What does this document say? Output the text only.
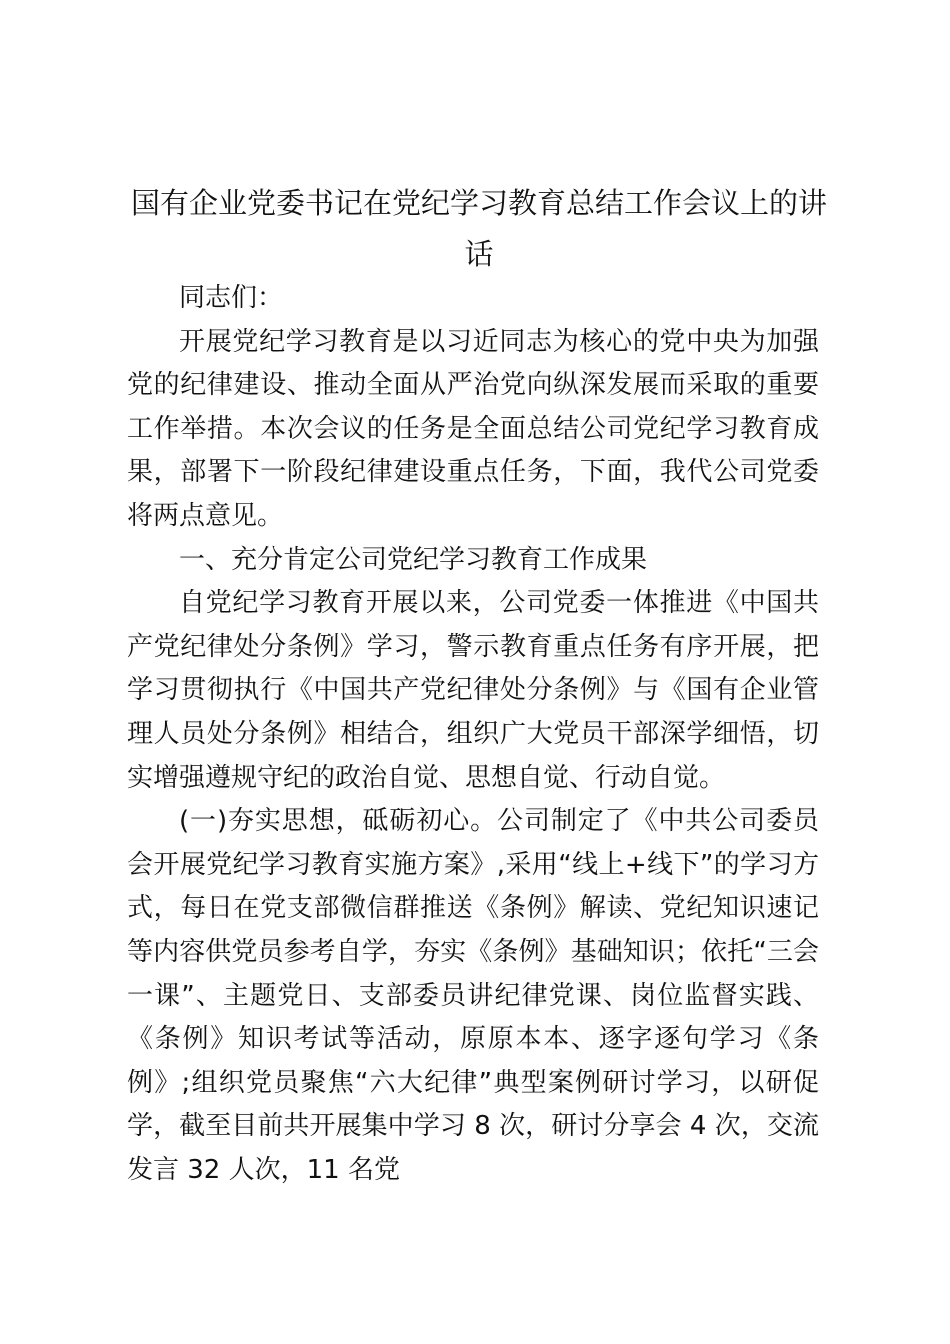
国有企业党委书记在党纪学习教育总结工作会议上的讲话

同志们：

开展党纪学习教育是以习近同志为核心的党中央为加强党的纪律建设、推动全面从严治党向纵深发展而采取的重要工作举措。本次会议的任务是全面总结公司党纪学习教育成果，部署下一阶段纪律建设重点任务，下面，我代公司党委将两点意见。

一、充分肯定公司党纪学习教育工作成果

自党纪学习教育开展以来，公司党委一体推进《中国共产党纪律处分条例》学习，警示教育重点任务有序开展，把学习贯彻执行《中国共产党纪律处分条例》与《国有企业管理人员处分条例》相结合，组织广大党员干部深学细悟，切实增强遵规守纪的政治自觉、思想自觉、行动自觉。

(一)夯实思想，砥砺初心。公司制定了《中共公司委员会开展党纪学习教育实施方案》,采用“线上+线下”的学习方式，每日在党支部微信群推送《条例》解读、党纪知识速记等内容供党员参考自学，夯实《条例》基础知识；依托“三会一课”、主题党日、支部委员讲纪律党课、岗位监督实践、《条例》知识考试等活动，原原本本、逐字逐句学习《条例》;组织党员聚焦“六大纪律”典型案例研讨学习，以研促学，截至目前共开展集中学习 8 次，研讨分享会 4 次，交流发言 32 人次，11 名党
